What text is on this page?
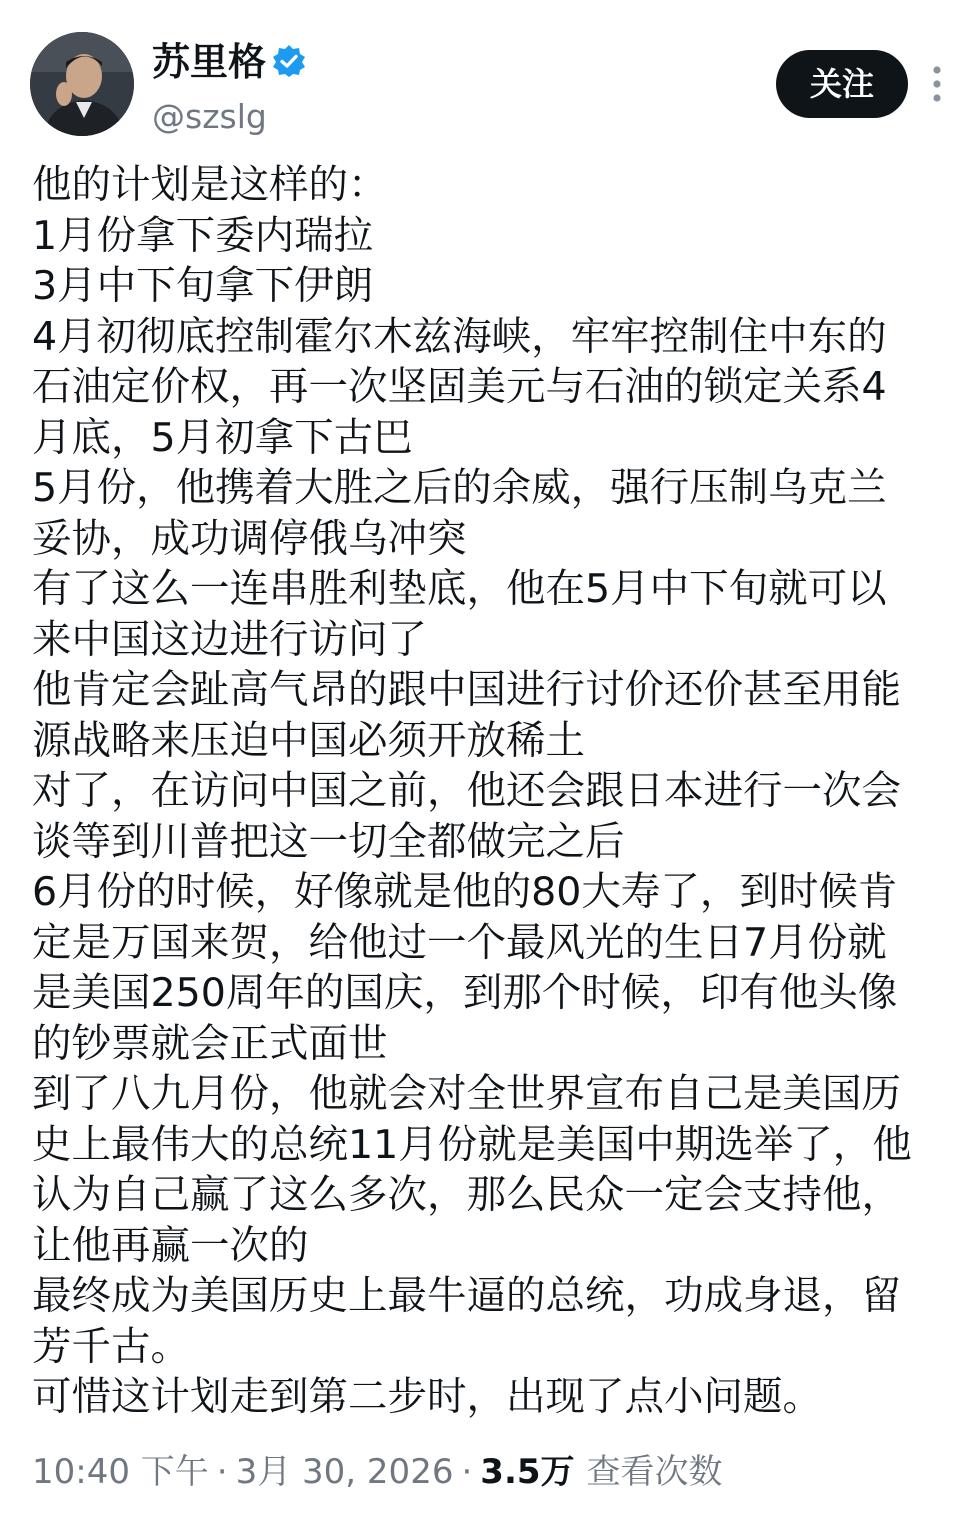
苏里格
@szslg
关注
他的计划是这样的：
1月份拿下委内瑞拉
3月中下旬拿下伊朗
4月初彻底控制霍尔木兹海峡，牢牢控制住中东的
石油定价权，再一次坚固美元与石油的锁定关系4
月底，5月初拿下古巴
5月份，他携着大胜之后的余威，强行压制乌克兰
妥协，成功调停俄乌冲突
有了这么一连串胜利垫底，他在5月中下旬就可以
来中国这边进行访问了
他肯定会趾高气昂的跟中国进行讨价还价甚至用能
源战略来压迫中国必须开放稀土
对了，在访问中国之前，他还会跟日本进行一次会
谈等到川普把这一切全都做完之后
6月份的时候，好像就是他的80大寿了，到时候肯
定是万国来贺，给他过一个最风光的生日7月份就
是美国250周年的国庆，到那个时候，印有他头像
的钞票就会正式面世
到了八九月份，他就会对全世界宣布自己是美国历
史上最伟大的总统11月份就是美国中期选举了，他
认为自己赢了这么多次，那么民众一定会支持他，
让他再赢一次的
最终成为美国历史上最牛逼的总统，功成身退，留
芳千古。
可惜这计划走到第二步时，出现了点小问题。
10:40 下午 · 3月 30, 2026 · 3.5万 查看次数
